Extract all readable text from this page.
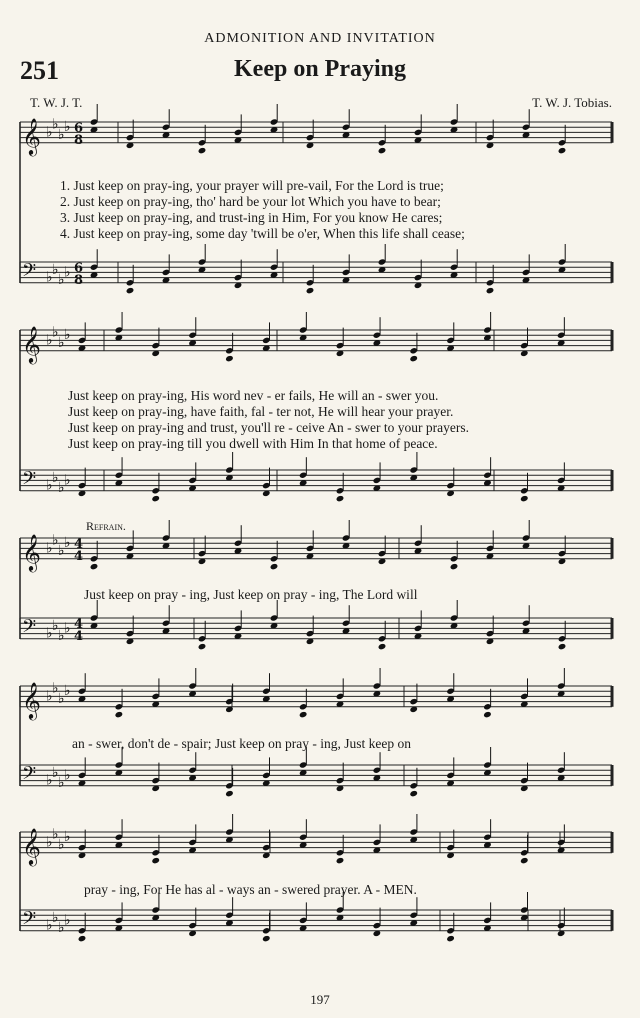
ADMONITION AND INVITATION
251	Keep on Praying
T. W. J. T.	T. W. J. Tobias.
𝄞 ♭ ♭
♭ ♭ 6
8
𝄢 ♭ ♭
♭ ♭ 6
8
𝄞 ♭ ♭
♭ ♭
𝄢 ♭ ♭
♭ ♭
𝄞 ♭ ♭
♭ ♭ 4
4
𝄢 ♭ ♭
♭ ♭ 4
4
𝄞 ♭ ♭
♭ ♭
𝄢 ♭ ♭
♭ ♭
𝄞 ♭ ♭
♭ ♭
𝄢 ♭ ♭
♭ ♭
1. Just keep on pray-ing, your prayer will pre-vail, For the Lord is true;
2. Just keep on pray-ing, tho' hard be your lot Which you have to bear;
3. Just keep on pray-ing, and trust-ing in Him, For you know He cares;
4. Just keep on pray-ing, some day 'twill be o'er, When this life shall cease;
Just keep on pray-ing, His word nev - er fails, He will an - swer you.
Just keep on pray-ing, have faith, fal - ter not, He will hear your prayer.
Just keep on pray-ing and trust, you'll re - ceive An - swer to your prayers.
Just keep on pray-ing till you dwell with Him In that home of peace.
Refrain.
Just keep on pray - ing, Just keep on pray - ing, The Lord will
an - swer, don't de - spair; Just keep on pray - ing, Just keep on
pray - ing, For He has al - ways an - swered prayer. A - MEN.
197
